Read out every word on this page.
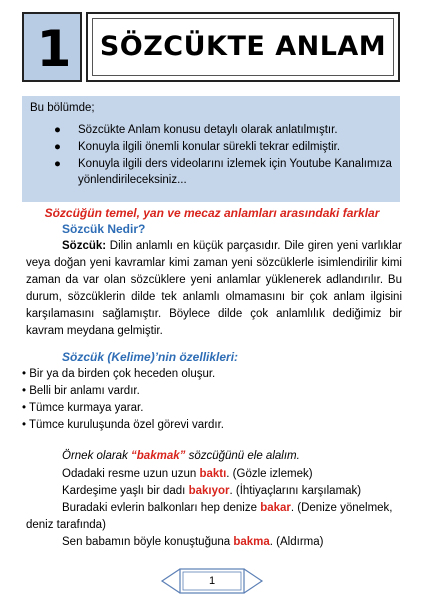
1	SÖZCÜKTE ANLAM
Bu bölümde;
● Sözcükte Anlam konusu detaylı olarak anlatılmıştır.
● Konuyla ilgili önemli konular sürekli tekrar edilmiştir.
● Konuyla ilgili ders videolarını izlemek için Youtube Kanalımıza yönlendirileceksiniz...
Sözcüğün temel, yan ve mecaz anlamları arasındaki farklar
Sözcük Nedir?

Sözcük: Dilin anlamlı en küçük parçasıdır. Dile giren yeni varlıklar veya doğan yeni kavramlar kimi zaman yeni sözcüklerle isimlendirilir kimi zaman da var olan sözcüklere yeni anlamlar yüklenerek adlandırılır. Bu durum, sözcüklerin dilde tek anlamlı olmamasını bir çok anlam ilgisini karşılamasını sağlamıştır. Böylece dilde çok anlamlılık dediğimiz bir kavram meydana gelmiştir.

Sözcük (Kelime)’nin özellikleri:
• Bir ya da birden çok heceden oluşur.
• Belli bir anlamı vardır.
• Tümce kurmaya yarar.
• Tümce kuruluşunda özel görevi vardır.
Örnek olarak “bakmak” sözcüğünü ele alalım.
Odadaki resme uzun uzun baktı. (Gözle izlemek)
Kardeşime yaşlı bir dadı bakıyor. (İhtiyaçlarını karşılamak)
Buradaki evlerin balkonları hep denize bakar. (Denize yönelmek, deniz tarafında)
Sen babamın böyle konuştuğuna bakma. (Aldırma)
1
